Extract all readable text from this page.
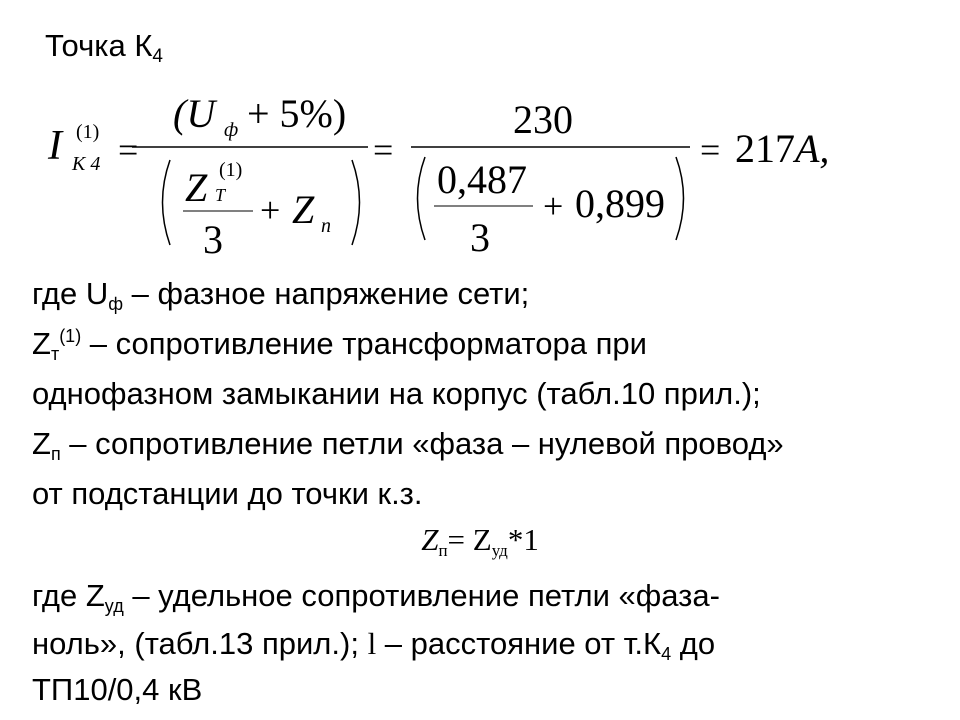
Точка $К_4$
I (1)
K 4 =
(U ф + 5%)
Z (1)
T
3
+ Z п
=
230
0,487
3
+ 0,899
= 217 A,
где $U_ф$ – фазное напряжение сети;
$Z_т^{(1)}$ – сопротивление трансформатора при
однофазном замыкании на корпус (табл.10 прил.);
$Z_п$ – сопротивление петли «фаза – нулевой провод»
от подстанции до точки к.з.
$Z_п= Z_{уд}*1$
где $Z_{уд}$ – удельное сопротивление петли «фаза-
ноль», (табл.13 прил.); l – расстояние от $т.К_4$ до
ТП10/0,4 кВ
